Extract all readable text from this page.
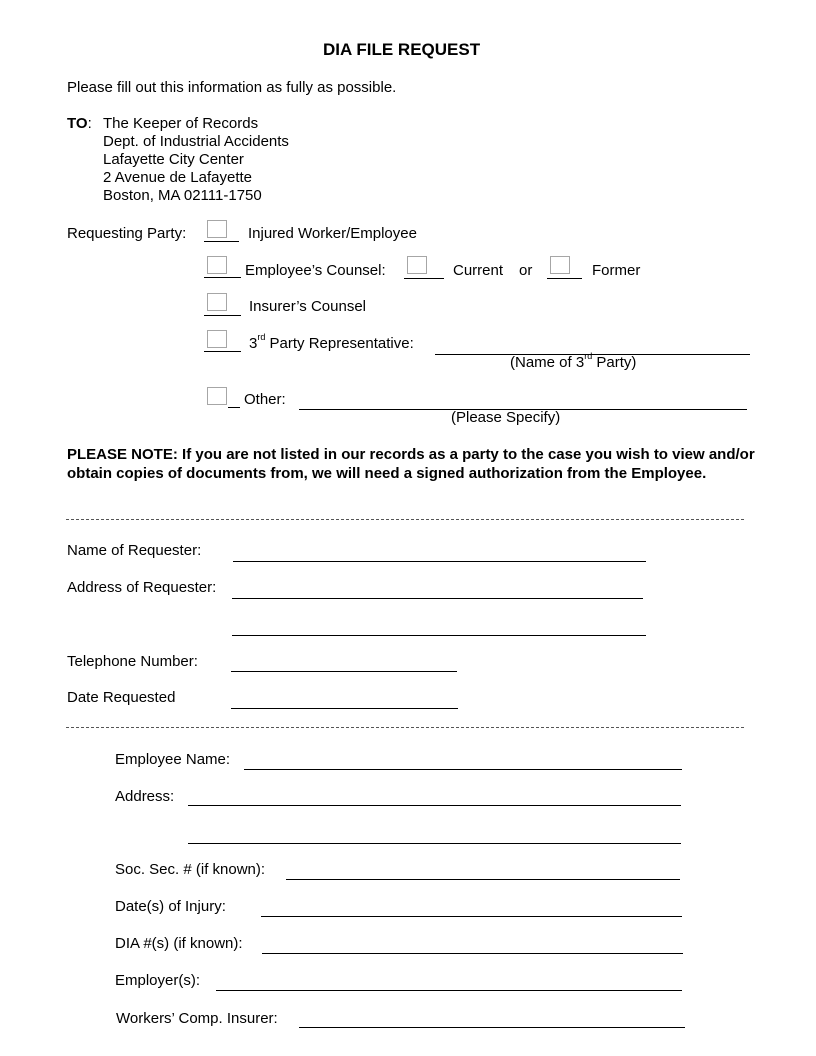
DIA FILE REQUEST
Please fill out this information as fully as possible.
TO: The Keeper of Records
Dept. of Industrial Accidents
Lafayette City Center
2 Avenue de Lafayette
Boston, MA 02111-1750
Requesting Party:	Injured Worker/Employee
Employee’s Counsel:	Current or	Former
Insurer’s Counsel
3rd Party Representative:
(Name of 3rd Party)
Other:
(Please Specify)
PLEASE NOTE: If you are not listed in our records as a party to the case you wish to view and/or obtain copies of documents from, we will need a signed authorization from the Employee.
Name of Requester:
Address of Requester:
Telephone Number:
Date Requested
Employee Name:
Address:
Soc. Sec. # (if known):
Date(s) of Injury:
DIA #(s) (if known):
Employer(s):
Workers’ Comp. Insurer:
